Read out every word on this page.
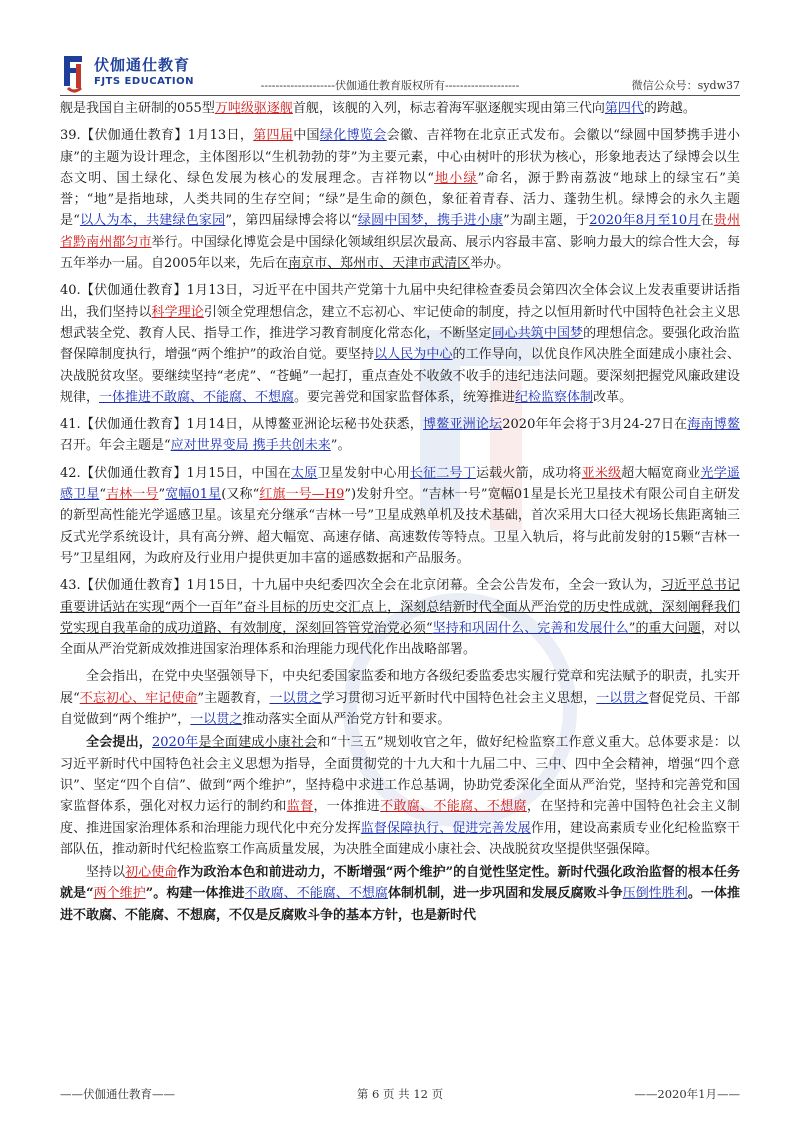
伏伽通仕教育
FJTS EDUCATION	--------------------伏伽通仕教育版权所有--------------------	微信公众号：sydw37

舰是我国自主研制的055型万吨级驱逐舰首舰，该舰的入列，标志着海军驱逐舰实现由第三代向第四代的跨越。

39.【伏伽通仕教育】1月13日，第四届中国绿化博览会会徽、吉祥物在北京正式发布。会徽以“绿圆中国梦携手进小康”的主题为设计理念，主体图形以“生机勃勃的芽”为主要元素，中心由树叶的形状为核心，形象地表达了绿博会以生态文明、国土绿化、绿色发展为核心的发展理念。吉祥物以“地小绿”命名，源于黔南荔波“地球上的绿宝石”美誉；“地”是指地球，人类共同的生存空间；“绿”是生命的颜色，象征着青春、活力、蓬勃生机。绿博会的永久主题是“以人为本，共建绿色家园”，第四届绿博会将以“绿圆中国梦，携手进小康”为副主题，于2020年8月至10月在贵州省黔南州都匀市举行。中国绿化博览会是中国绿化领域组织层次最高、展示内容最丰富、影响力最大的综合性大会，每五年举办一届。自2005年以来，先后在南京市、郑州市、天津市武清区举办。

40.【伏伽通仕教育】1月13日，习近平在中国共产党第十九届中央纪律检查委员会第四次全体会议上发表重要讲话指出，我们坚持以科学理论引领全党理想信念，建立不忘初心、牢记使命的制度，持之以恒用新时代中国特色社会主义思想武装全党、教育人民、指导工作，推进学习教育制度化常态化，不断坚定同心共筑中国梦的理想信念。要强化政治监督保障制度执行，增强“两个维护”的政治自觉。要坚持以人民为中心的工作导向，以优良作风决胜全面建成小康社会、决战脱贫攻坚。要继续坚持“老虎”、“苍蝇”一起打，重点查处不收敛不收手的违纪违法问题。要深刻把握党风廉政建设规律，一体推进不敢腐、不能腐、不想腐。要完善党和国家监督体系，统筹推进纪检监察体制改革。

41.【伏伽通仕教育】1月14日，从博鳌亚洲论坛秘书处获悉，博鳌亚洲论坛2020年年会将于3月24-27日在海南博鳌召开。年会主题是“应对世界变局 携手共创未来”。

42.【伏伽通仕教育】1月15日，中国在太原卫星发射中心用长征二号丁运载火箭，成功将亚米级超大幅宽商业光学遥感卫星“吉林一号”宽幅01星(又称“红旗一号—H9”)发射升空。“吉林一号”宽幅01星是长光卫星技术有限公司自主研发的新型高性能光学遥感卫星。该星充分继承“吉林一号”卫星成熟单机及技术基础，首次采用大口径大视场长焦距离轴三反式光学系统设计，具有高分辨、超大幅宽、高速存储、高速数传等特点。卫星入轨后，将与此前发射的15颗“吉林一号”卫星组网，为政府及行业用户提供更加丰富的遥感数据和产品服务。

43.【伏伽通仕教育】1月15日，十九届中央纪委四次全会在北京闭幕。全会公告发布，全会一致认为，习近平总书记重要讲话站在实现“两个一百年”奋斗目标的历史交汇点上，深刻总结新时代全面从严治党的历史性成就，深刻阐释我们党实现自我革命的成功道路、有效制度，深刻回答管党治党必须“坚持和巩固什么、完善和发展什么”的重大问题，对以全面从严治党新成效推进国家治理体系和治理能力现代化作出战略部署。

全会指出，在党中央坚强领导下，中央纪委国家监委和地方各级纪委监委忠实履行党章和宪法赋予的职责，扎实开展“不忘初心、牢记使命”主题教育，一以贯之学习贯彻习近平新时代中国特色社会主义思想，一以贯之督促党员、干部自觉做到“两个维护”，一以贯之推动落实全面从严治党方针和要求。

全会提出，2020年是全面建成小康社会和“十三五”规划收官之年，做好纪检监察工作意义重大。总体要求是：以习近平新时代中国特色社会主义思想为指导，全面贯彻党的十九大和十九届二中、三中、四中全会精神，增强“四个意识”、坚定“四个自信”、做到“两个维护”，坚持稳中求进工作总基调，协助党委深化全面从严治党，坚持和完善党和国家监督体系，强化对权力运行的制约和监督，一体推进不敢腐、不能腐、不想腐，在坚持和完善中国特色社会主义制度、推进国家治理体系和治理能力现代化中充分发挥监督保障执行、促进完善发展作用，建设高素质专业化纪检监察干部队伍，推动新时代纪检监察工作高质量发展，为决胜全面建成小康社会、决战脱贫攻坚提供坚强保障。

坚持以初心使命作为政治本色和前进动力，不断增强“两个维护”的自觉性坚定性。新时代强化政治监督的根本任务就是“两个维护”。构建一体推进不敢腐、不能腐、不想腐体制机制，进一步巩固和发展反腐败斗争压倒性胜利。一体推进不敢腐、不能腐、不想腐，不仅是反腐败斗争的基本方针，也是新时代

——伏伽通仕教育——	第 6 页 共 12 页	——2020年1月——
